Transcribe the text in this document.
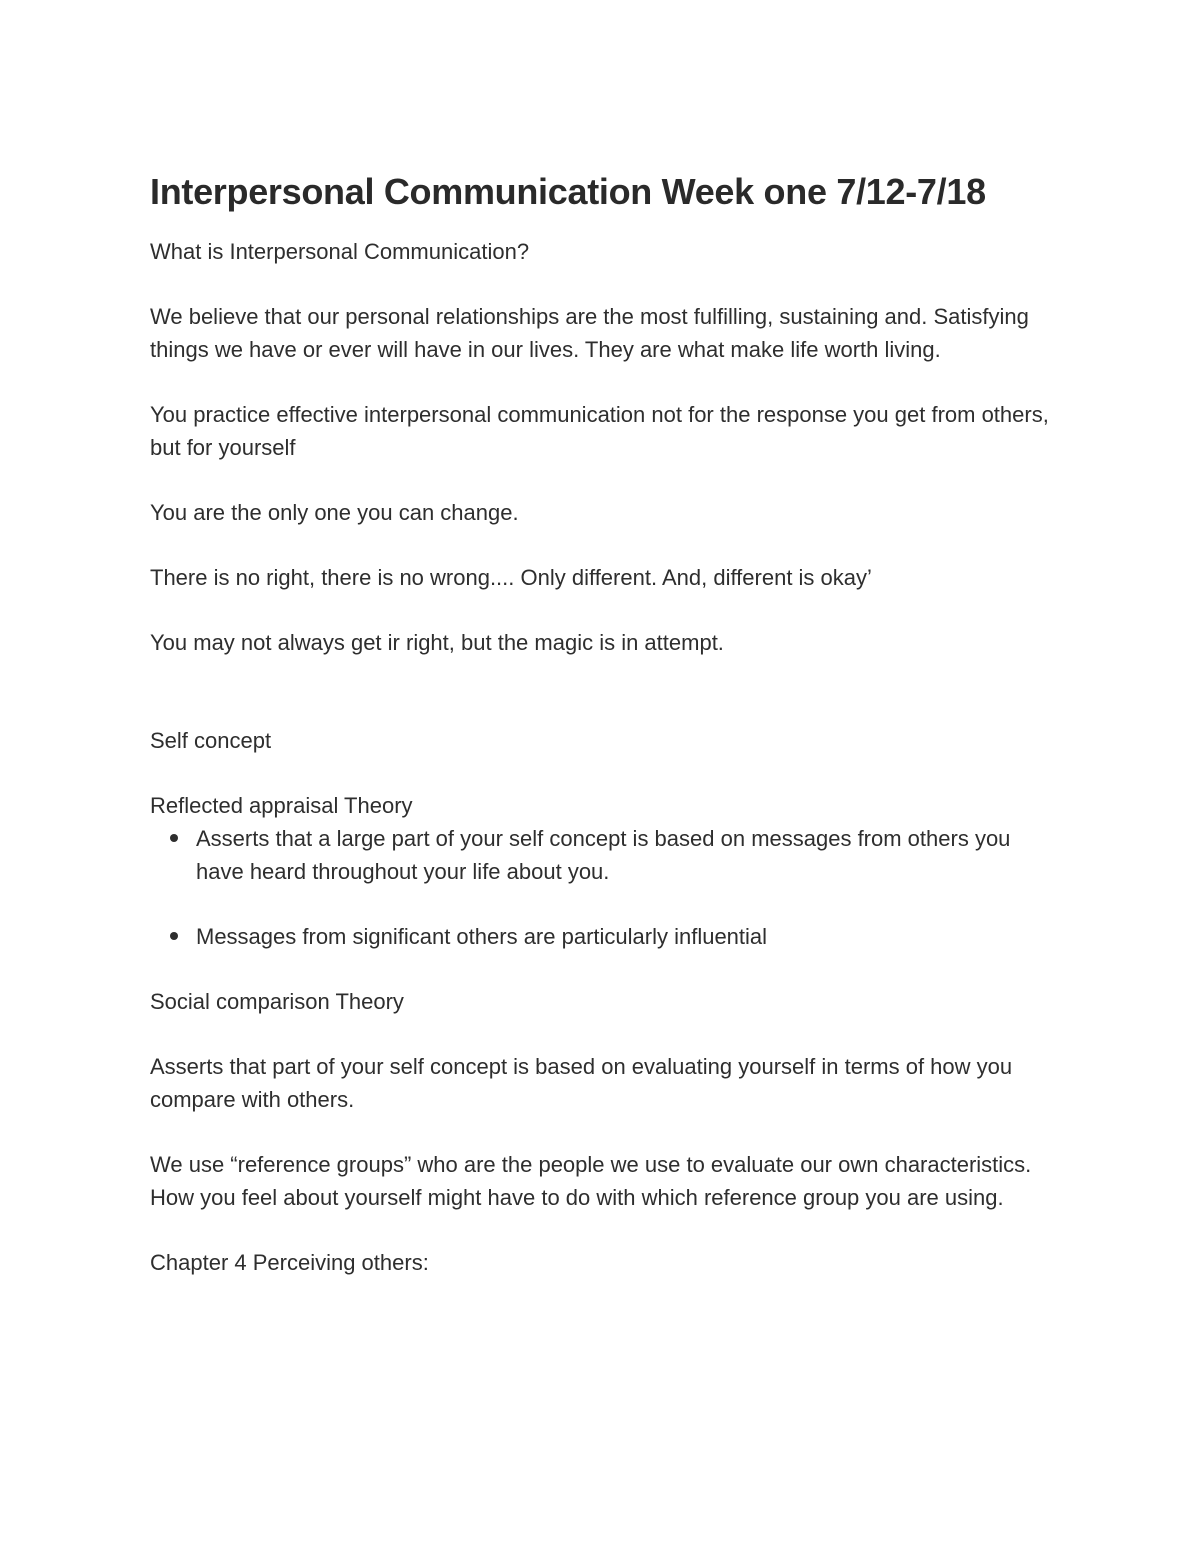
Interpersonal Communication Week one 7/12-7/18

What is Interpersonal Communication?

We believe that our personal relationships are the most fulfilling, sustaining and. Satisfying things we have or ever will have in our lives. They are what make life worth living.

You practice effective interpersonal communication not for the response you get from others, but for yourself

You are the only one you can change.

There is no right, there is no wrong.... Only different. And, different is okay’

You may not always get ir right, but the magic is in attempt.

Self concept

Reflected appraisal Theory

Asserts that a large part of your self concept is based on messages from others you have heard throughout your life about you.
Messages from significant others are particularly influential

Social comparison Theory

Asserts that part of your self concept is based on evaluating yourself in terms of how you compare with others.

We use “reference groups” who are the people we use to evaluate our own characteristics. How you feel about yourself might have to do with which reference group you are using.

Chapter 4 Perceiving others:
